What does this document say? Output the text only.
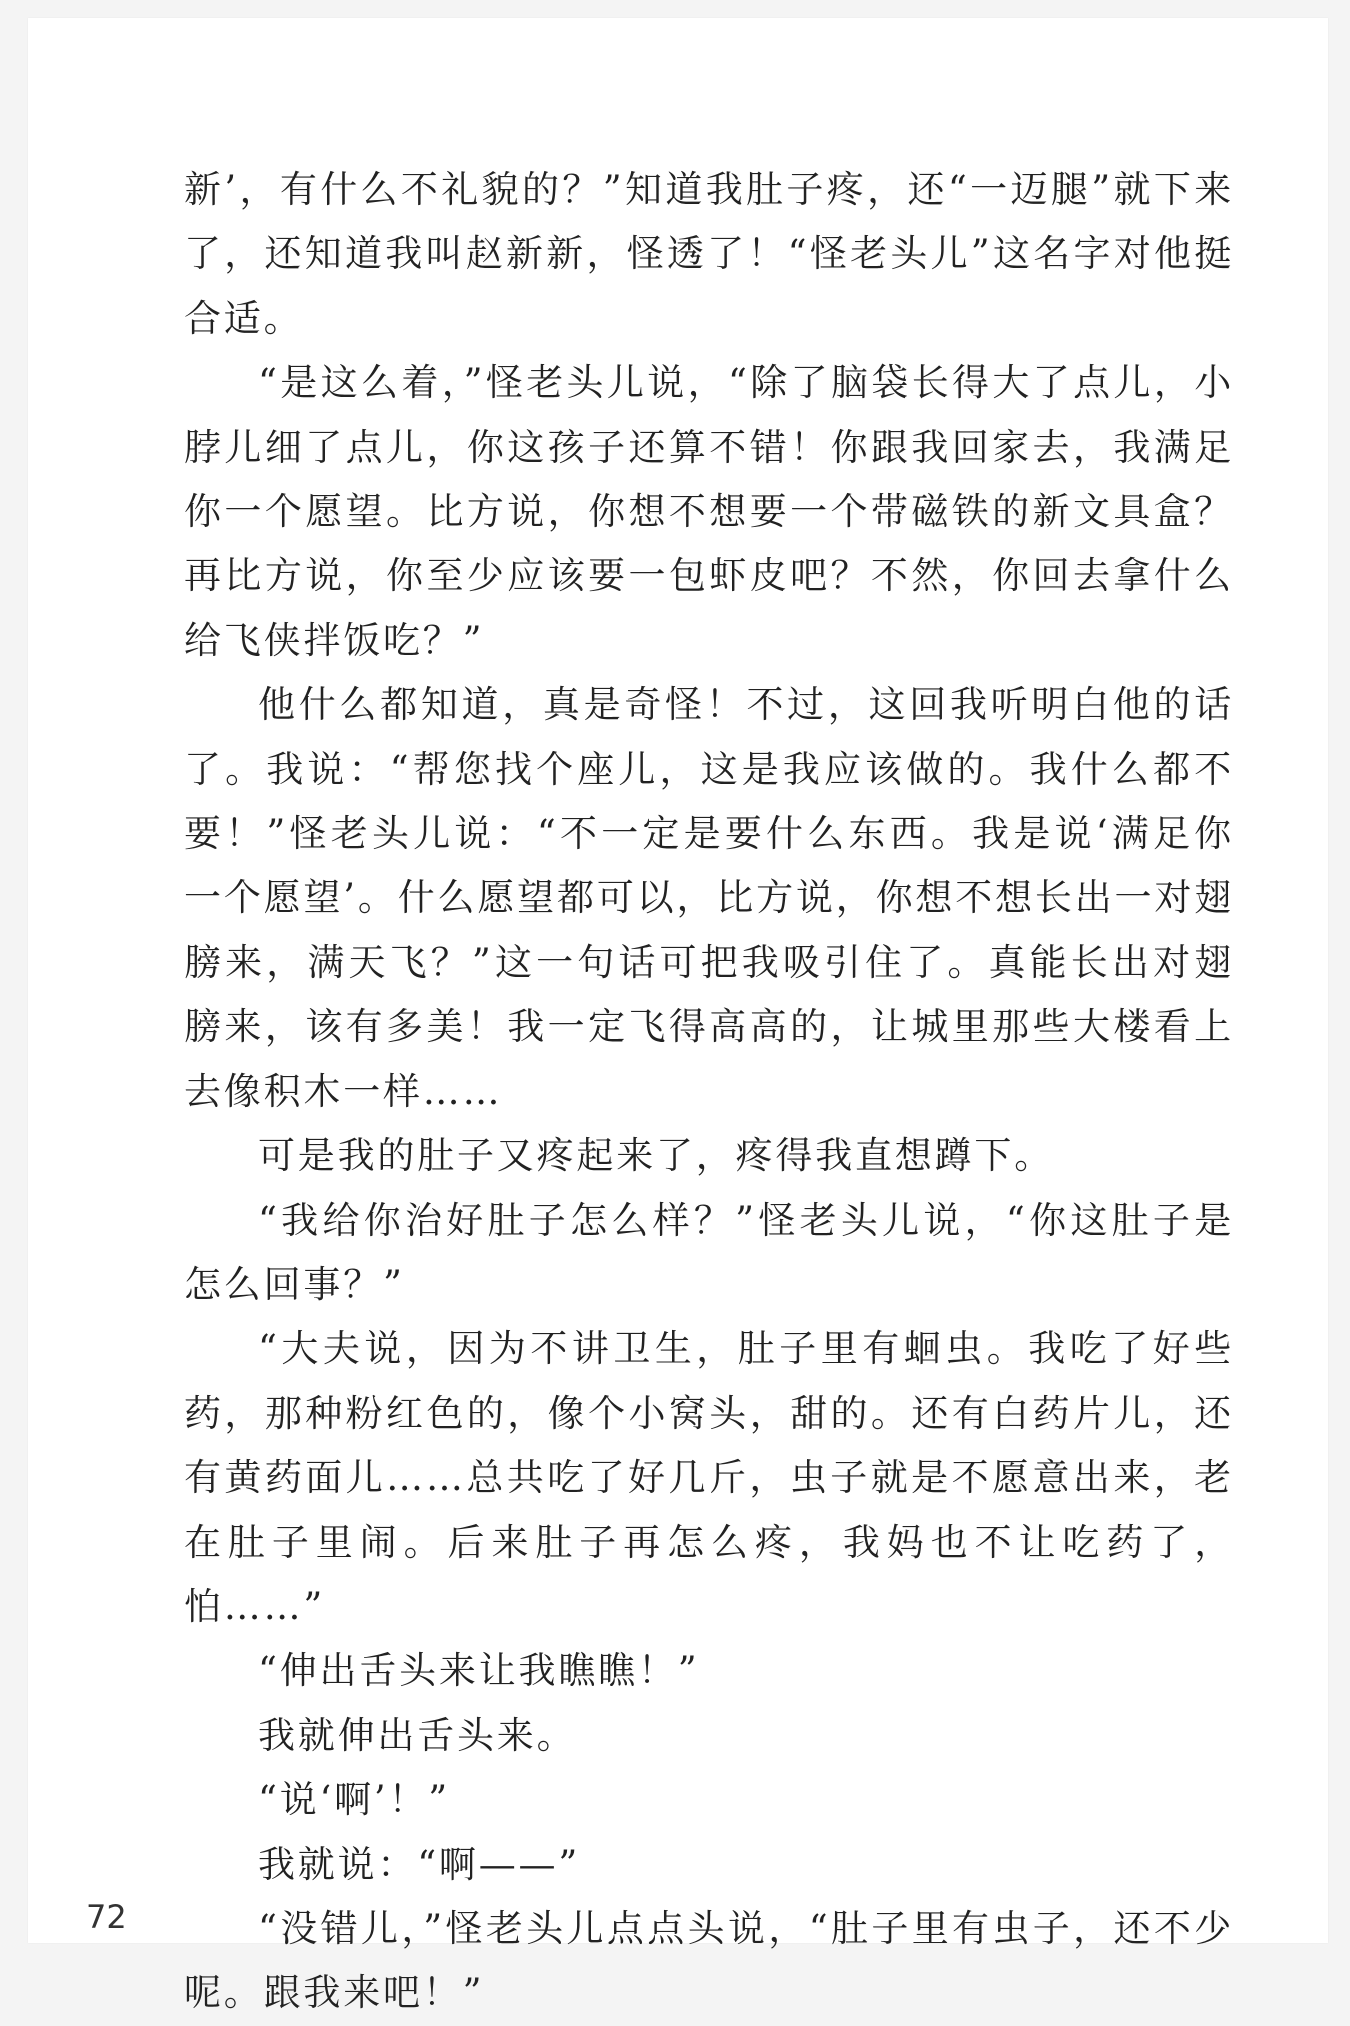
新’，有什么不礼貌的？”知道我肚子疼，还“一迈腿”就下来了，还知道我叫赵新新，怪透了！“怪老头儿”这名字对他挺合适。

“是这么着，”怪老头儿说，“除了脑袋长得大了点儿，小脖儿细了点儿，你这孩子还算不错！你跟我回家去，我满足你一个愿望。比方说，你想不想要一个带磁铁的新文具盒？再比方说，你至少应该要一包虾皮吧？不然，你回去拿什么给飞侠拌饭吃？”

他什么都知道，真是奇怪！不过，这回我听明白他的话了。我说：“帮您找个座儿，这是我应该做的。我什么都不要！”怪老头儿说：“不一定是要什么东西。我是说‘满足你一个愿望’。什么愿望都可以，比方说，你想不想长出一对翅膀来，满天飞？”这一句话可把我吸引住了。真能长出对翅膀来，该有多美！我一定飞得高高的，让城里那些大楼看上去像积木一样……

可是我的肚子又疼起来了，疼得我直想蹲下。

“我给你治好肚子怎么样？”怪老头儿说，“你这肚子是怎么回事？”

“大夫说，因为不讲卫生，肚子里有蛔虫。我吃了好些药，那种粉红色的，像个小窝头，甜的。还有白药片儿，还有黄药面儿……总共吃了好几斤，虫子就是不愿意出来，老在肚子里闹。后来肚子再怎么疼，我妈也不让吃药了，怕……”

“伸出舌头来让我瞧瞧！”

我就伸出舌头来。

“说‘啊’！”

我就说：“啊——”

“没错儿，”怪老头儿点点头说，“肚子里有虫子，还不少呢。跟我来吧！”

72
